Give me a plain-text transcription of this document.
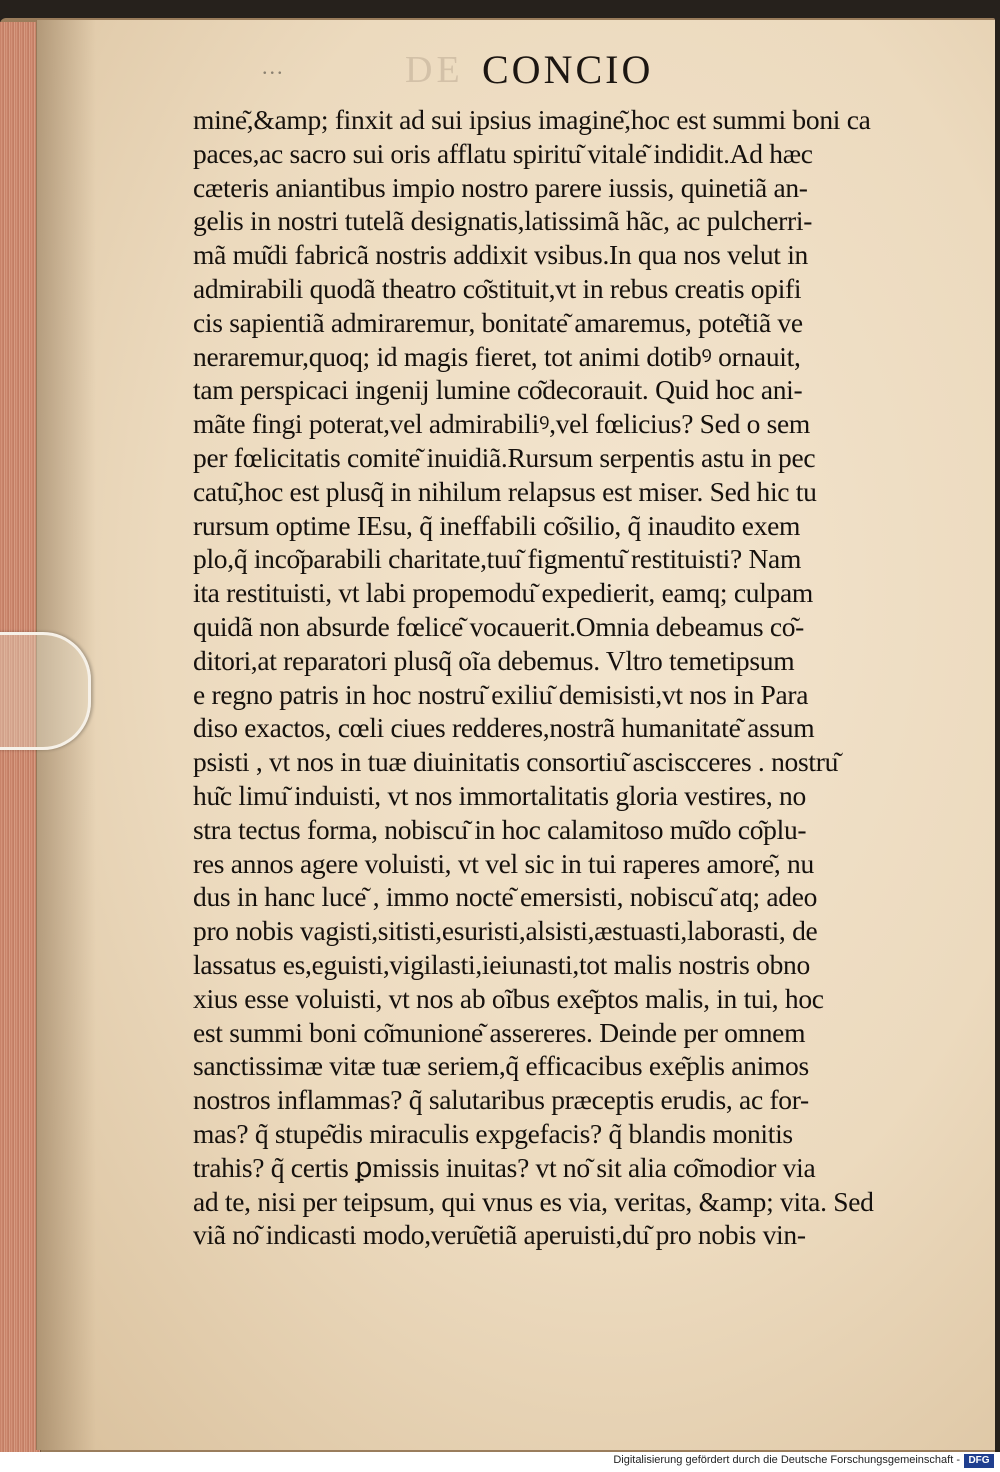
DE
...	CONCIO
mine͂,&amp; finxit ad sui ipsius imagine͂,hoc est summi boni ca
paces,ac sacro sui oris afflatu spiritu͂ vitale͂ indidit.Ad hæc
cæteris aniantibus impio nostro parere iussis, quinetiã an-
gelis in nostri tutelã designatis,latissimã hãc, ac pulcherri-
mã mu͂di fabricã nostris addixit vsibus.In qua nos velut in
admirabili quodã theatro co͂stituit,vt in rebus creatis opifi
cis sapientiã admiraremur, bonitate͂ amaremus, pote͂tiã ve
neraremur,quoq; id magis fieret, tot animi dotibꝰ ornauit,
tam perspicaci ingenij lumine co͂decorauit. Quid hoc ani-
mãte fingi poterat,vel admirabiliꝰ,vel fœlicius? Sed o sem
per fœlicitatis comite͂ inuidiã.Rursum serpentis astu in pec
catu͂,hoc est plusq̃ in nihilum relapsus est miser. Sed hic tu
rursum optime IEsu, q̃ ineffabili co͂silio, q̃ inaudito exem
plo,q̃ inco͂parabili charitate,tuu͂ figmentu͂ restituisti? Nam
ita restituisti, vt labi propemodu͂ expedierit, eamq; culpam
quidã non absurde fœlice͂ vocauerit.Omnia debeamus co͂-
ditori,at reparatori plusq̃ oĩa debemus. Vltro temetipsum
e regno patris in hoc nostru͂ exiliu͂ demisisti,vt nos in Para
diso exactos, cœli ciues redderes,nostrã humanitate͂ assum
psisti , vt nos in tuæ diuinitatis consortiu͂ asciscceres . nostru͂
hu͂c limu͂ induisti, vt nos immortalitatis gloria vestires, no
stra tectus forma, nobiscu͂ in hoc calamitoso mu͂do co͂plu-
res annos agere voluisti, vt vel sic in tui raperes amore͂, nu
dus in hanc luce͂ , immo nocte͂ emersisti, nobiscu͂ atq; adeo
pro nobis vagisti,sitisti,esuristi,alsisti,æstuasti,laborasti, de
lassatus es,eguisti,vigilasti,ieiunasti,tot malis nostris obno
xius esse voluisti, vt nos ab oĩbus exe͂ptos malis, in tui, hoc
est summi boni co͂munione͂ assereres. Deinde per omnem
sanctissimæ vitæ tuæ seriem,q̃ efficacibus exe͂plis animos
nostros inflammas? q̃ salutaribus præceptis erudis, ac for-
mas? q̃ stupe͂dis miraculis expgefacis? q̃ blandis monitis
trahis? q̃ certis ꝑmissis inuitas? vt no͂ sit alia co͂modior via
ad te, nisi per teipsum, qui vnus es via, veritas, &amp; vita. Sed
viã no͂ indicasti modo,veru͂etiã aperuisti,du͂ pro nobis vin-
Digitalisierung gefördert durch die Deutsche Forschungsgemeinschaft - DFG
